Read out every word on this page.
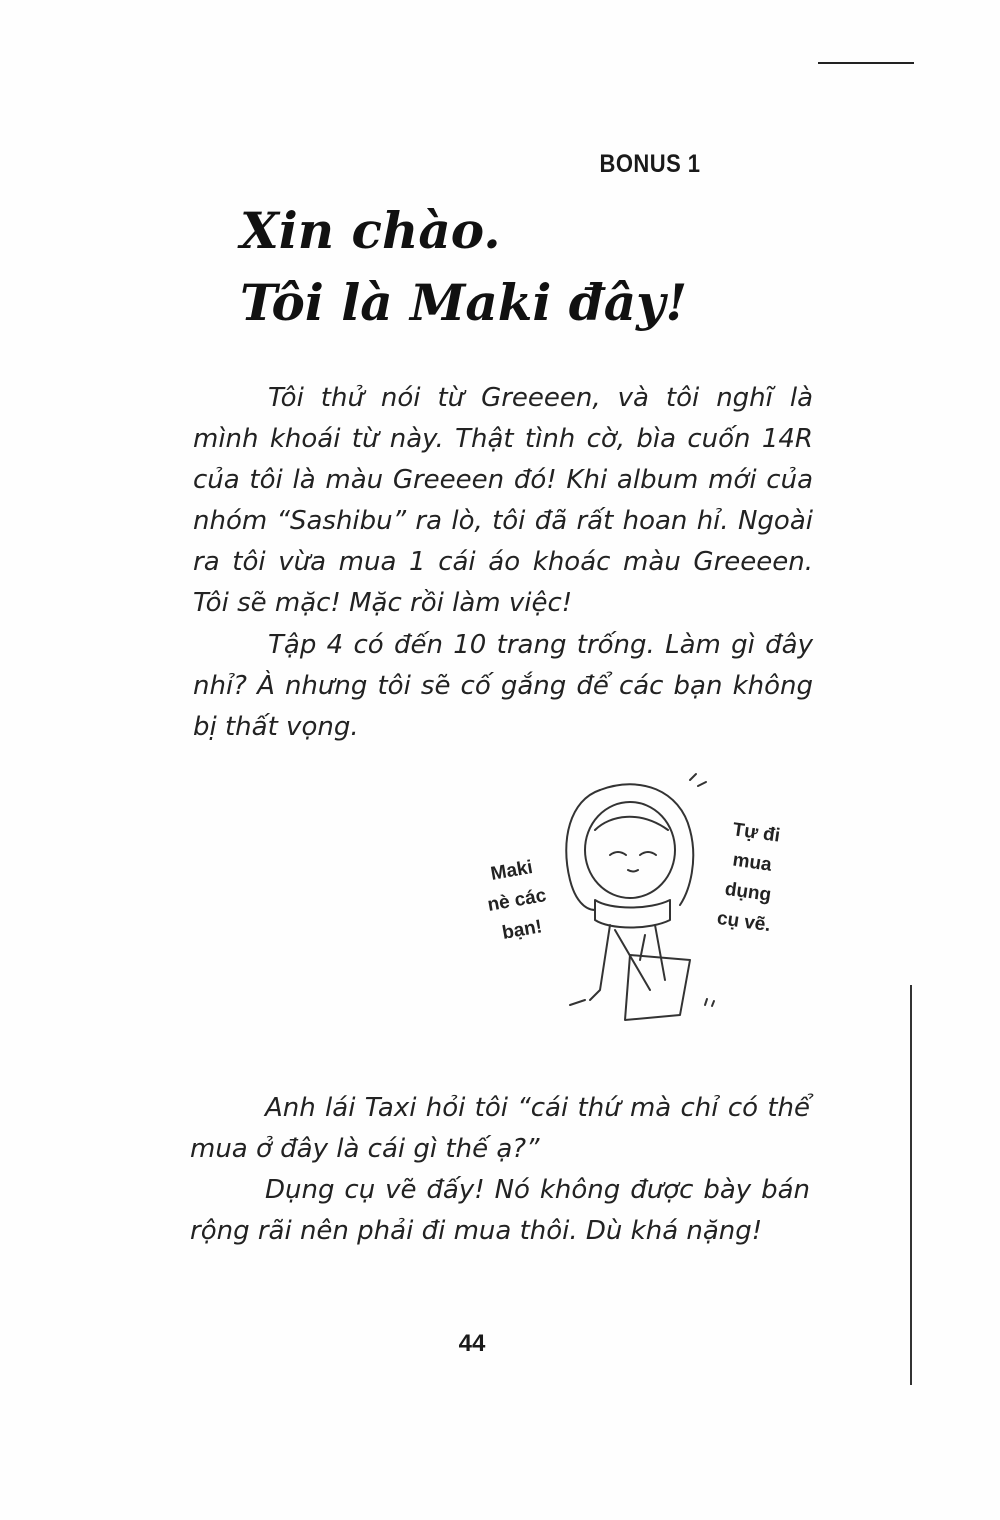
BONUS 1
Xin chào.
Tôi là Maki đây!

Tôi thử nói từ Greeeen, và tôi nghĩ là mình khoái từ này. Thật tình cờ, bìa cuốn 14R của tôi là màu Greeeen đó! Khi album mới của nhóm “Sashibu” ra lò, tôi đã rất hoan hỉ. Ngoài ra tôi vừa mua 1 cái áo khoác màu Greeeen. Tôi sẽ mặc! Mặc rồi làm việc!

Tập 4 có đến 10 trang trống. Làm gì đây nhỉ? À nhưng tôi sẽ cố gắng để các bạn không bị thất vọng.

Maki
nè các
bạn!
Tự đi
mua
dụng
cụ vẽ.

Anh lái Taxi hỏi tôi “cái thứ mà chỉ có thể mua ở đây là cái gì thế ạ?”

Dụng cụ vẽ đấy! Nó không được bày bán rộng rãi nên phải đi mua thôi. Dù khá nặng!

44
